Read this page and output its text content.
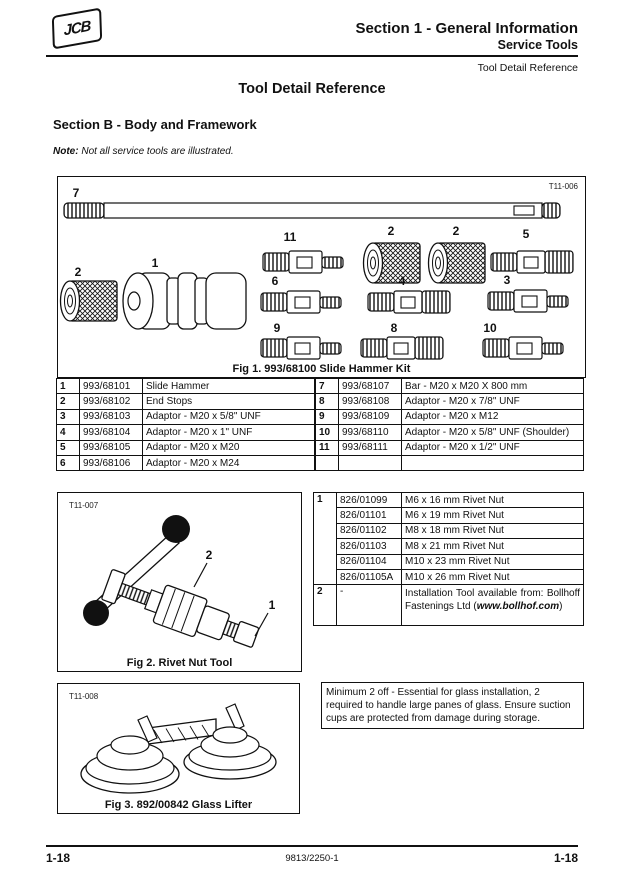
JCB	Section 1 - General Information
Service Tools
Tool Detail Reference
Tool Detail Reference
Section B - Body and Framework
Note: Not all service tools are illustrated.
T11-006
7
11	2	2	5
2
1
6	4	3
9	8	10
Fig 1. 993/68100 Slide Hammer Kit
1	993/68101	Slide Hammer
2	993/68102	End Stops
3	993/68103	Adaptor - M20 x 5/8" UNF
4	993/68104	Adaptor - M20 x 1" UNF
5	993/68105	Adaptor - M20 x M20
6	993/68106	Adaptor - M20 x M24
7	993/68107	Bar - M20 x M20 X 800 mm
8	993/68108	Adaptor - M20 x 7/8" UNF
9	993/68109	Adaptor - M20 x M12
10	993/68110	Adaptor - M20 x 5/8" UNF (Shoulder)
11	993/68111	Adaptor - M20 x 1/2" UNF

T11-007
2
1
Fig 2. Rivet Nut Tool
1	826/01099	M6 x 16 mm Rivet Nut
	826/01101	M6 x 19 mm Rivet Nut
	826/01102	M8 x 18 mm Rivet Nut
	826/01103	M8 x 21 mm Rivet Nut
	826/01104	M10 x 23 mm Rivet Nut
	826/01105A	M10 x 26 mm Rivet Nut
2	-	Installation Tool available from: Bollhoff Fastenings Ltd (www.bollhof.com)
T11-008
Fig 3. 892/00842 Glass Lifter
Minimum 2 off - Essential for glass installation, 2 required to handle large panes of glass. Ensure suction cups are protected from damage during storage.
1-18	9813/2250-1	1-18
